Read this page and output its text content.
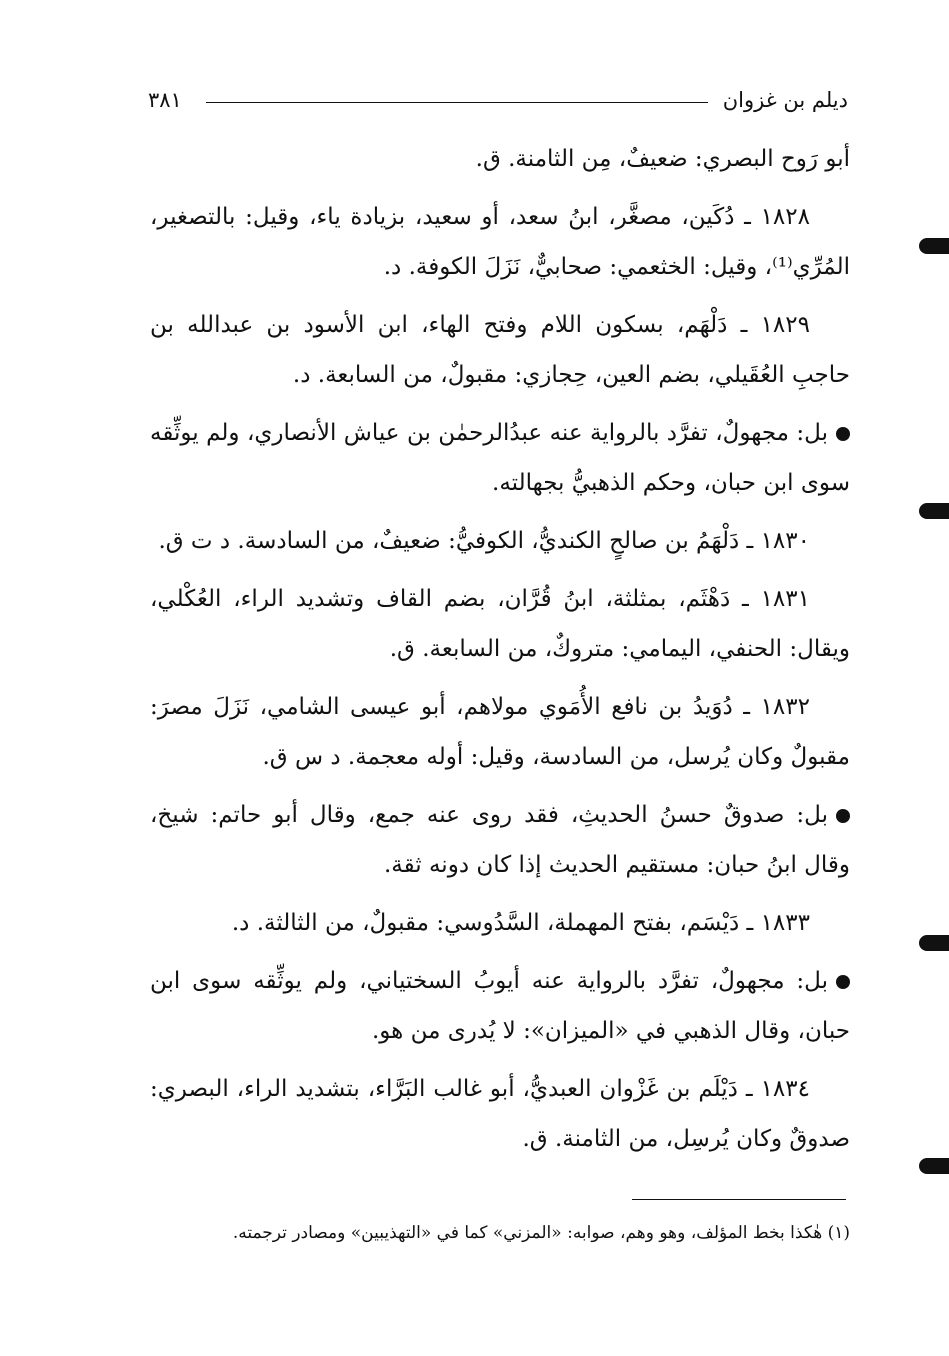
ديلم بن غزوان
٣٨١

أبو رَوح البصري: ضعيفٌ، مِن الثامنة. ق.

١٨٢٨ ـ دُكَين، مصغَّر، ابنُ سعد، أو سعيد، بزيادة ياء، وقيل: بالتصغير، المُرِّي⁽¹⁾، وقيل: الخثعمي: صحابيٌّ، نَزَلَ الكوفة. د.

١٨٢٩ ـ دَلْهَم، بسكون اللام وفتح الهاء، ابن الأسود بن عبدالله بن حاجبِ العُقَيلي، بضم العين، حِجازي: مقبولٌ، من السابعة. د.

بل: مجهولٌ، تفرَّد بالرواية عنه عبدُالرحمٰن بن عياش الأنصاري، ولم يوثِّقه سوى ابن حبان، وحكم الذهبيُّ بجهالته.

١٨٣٠ ـ دَلْهَمُ بن صالحٍ الكنديُّ، الكوفيُّ: ضعيفٌ، من السادسة. د ت ق.

١٨٣١ ـ دَهْثَم، بمثلثة، ابنُ قُرَّان، بضم القاف وتشديد الراء، العُكْلي، ويقال: الحنفي، اليمامي: متروكٌ، من السابعة. ق.

١٨٣٢ ـ دُوَيدُ بن نافع الأُمَوي مولاهم، أبو عيسى الشامي، نَزَلَ مصرَ: مقبولٌ وكان يُرسل، من السادسة، وقيل: أوله معجمة. د س ق.

بل: صدوقٌ حسنُ الحديثِ، فقد روى عنه جمع، وقال أبو حاتم: شيخ، وقال ابنُ حبان: مستقيم الحديث إذا كان دونه ثقة.

١٨٣٣ ـ دَيْسَم، بفتح المهملة، السَّدُوسي: مقبولٌ، من الثالثة. د.

بل: مجهولٌ، تفرَّد بالرواية عنه أيوبُ السختياني، ولم يوثِّقه سوى ابن حبان، وقال الذهبي في «الميزان»: لا يُدرى من هو.

١٨٣٤ ـ دَيْلَم بن غَزْوان العبديُّ، أبو غالب البَرَّاء، بتشديد الراء، البصري: صدوقٌ وكان يُرسِل، من الثامنة. ق.

(١) هٰكذا بخط المؤلف، وهو وهم، صوابه: «المزني» كما في «التهذيبين» ومصادر ترجمته.
